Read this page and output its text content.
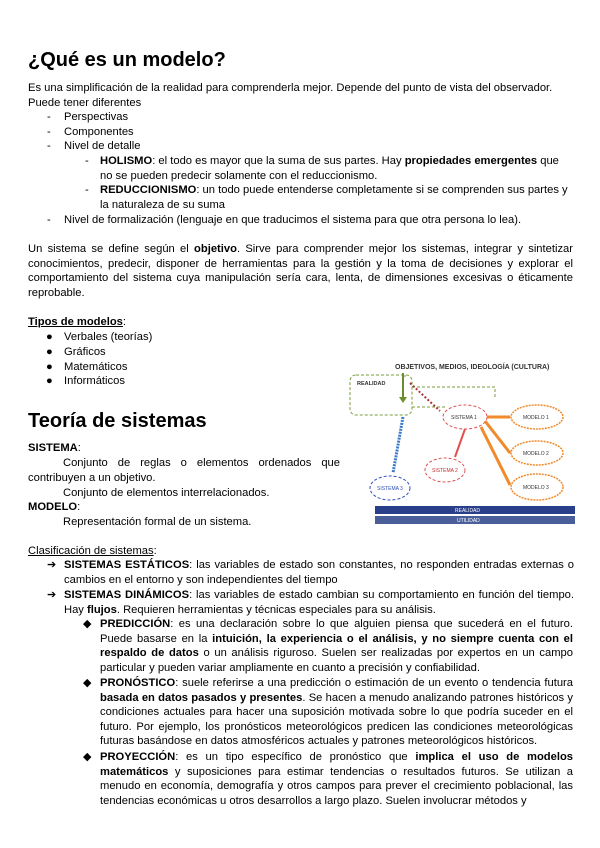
¿Qué es un modelo?
Es una simplificación de la realidad para comprenderla mejor. Depende del punto de vista del observador. Puede tener diferentes
- Perspectivas
- Componentes
- Nivel de detalle
- HOLISMO: el todo es mayor que la suma de sus partes. Hay propiedades emergentes que no se pueden predecir solamente con el reduccionismo.
- REDUCCIONISMO: un todo puede entenderse completamente si se comprenden sus partes y la naturaleza de su suma
- Nivel de formalización (lenguaje en que traducimos el sistema para que otra persona lo lea).
Un sistema se define según el objetivo. Sirve para comprender mejor los sistemas, integrar y sintetizar conocimientos, predecir, disponer de herramientas para la gestión y la toma de decisiones y explorar el comportamiento del sistema cuya manipulación sería cara, lenta, de dimensiones excesivas o éticamente reprobable.
Tipos de modelos:
● Verbales (teorías)
● Gráficos
● Matemáticos
● Informáticos
Teoría de sistemas
SISTEMA:
Conjunto de reglas o elementos ordenados que contribuyen a un objetivo.
Conjunto de elementos interrelacionados.
MODELO:
Representación formal de un sistema.
OBJETIVOS, MEDIOS, IDEOLOGÍA (CULTURA)
REALIDAD
SISTEMA 1
SISTEMA 2
SISTEMA 3
MODELO 1
MODELO 2
MODELO 3
REALIDAD
UTILIDAD
Clasificación de sistemas:
➔ SISTEMAS ESTÁTICOS: las variables de estado son constantes, no responden entradas externas o cambios en el entorno y son independientes del tiempo
➔ SISTEMAS DINÁMICOS: las variables de estado cambian su comportamiento en función del tiempo. Hay flujos. Requieren herramientas y técnicas especiales para su análisis.
◆ PREDICCIÓN: es una declaración sobre lo que alguien piensa que sucederá en el futuro. Puede basarse en la intuición, la experiencia o el análisis, y no siempre cuenta con el respaldo de datos o un análisis riguroso. Suelen ser realizadas por expertos en un campo particular y pueden variar ampliamente en cuanto a precisión y confiabilidad.
◆ PRONÓSTICO: suele referirse a una predicción o estimación de un evento o tendencia futura basada en datos pasados y presentes. Se hacen a menudo analizando patrones históricos y condiciones actuales para hacer una suposición motivada sobre lo que podría suceder en el futuro. Por ejemplo, los pronósticos meteorológicos predicen las condiciones meteorológicas futuras basándose en datos atmosféricos actuales y patrones meteorológicos históricos.
◆ PROYECCIÓN: es un tipo específico de pronóstico que implica el uso de modelos matemáticos y suposiciones para estimar tendencias o resultados futuros. Se utilizan a menudo en economía, demografía y otros campos para prever el crecimiento poblacional, las tendencias económicas u otros desarrollos a largo plazo. Suelen involucrar métodos y
